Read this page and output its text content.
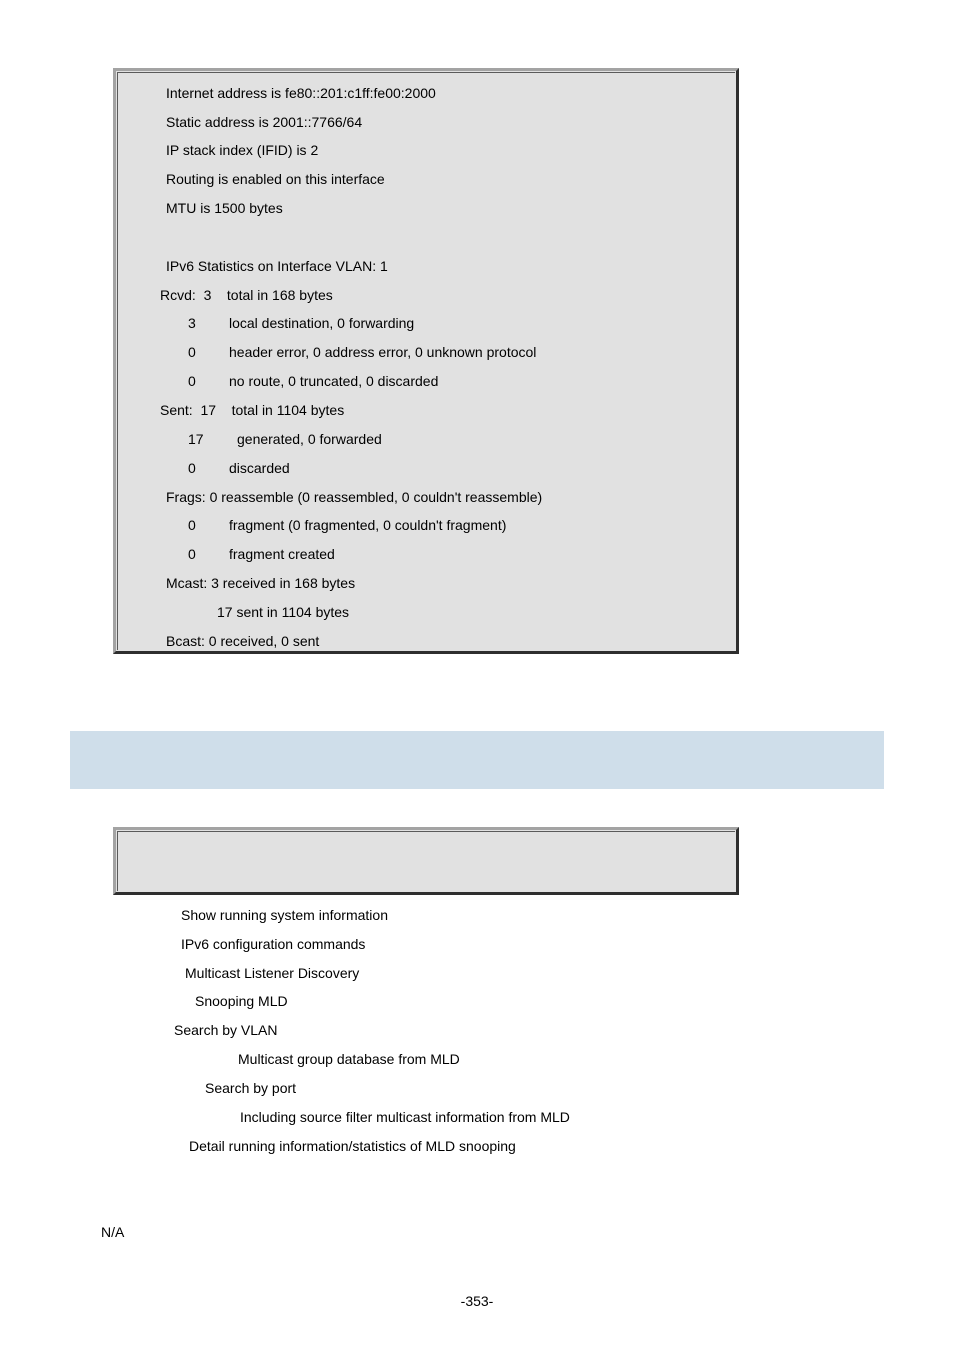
Internet address is fe80::201:c1ff:fe00:2000
Static address is 2001::7766/64
IP stack index (IFID) is 2
Routing is enabled on this interface
MTU is 1500 bytes
IPv6 Statistics on Interface VLAN: 1
Rcvd:  3    total in 168 bytes
3 local destination, 0 forwarding
0 header error, 0 address error, 0 unknown protocol
0 no route, 0 truncated, 0 discarded
Sent:  17    total in 1104 bytes
17 generated, 0 forwarded
0 discarded
Frags: 0 reassemble (0 reassembled, 0 couldn't reassemble)
0 fragment (0 fragmented, 0 couldn't fragment)
0 fragment created
Mcast: 3 received in 168 bytes
17 sent in 1104 bytes
Bcast: 0 received, 0 sent
Show running system information
IPv6 configuration commands
Multicast Listener Discovery
Snooping MLD
Search by VLAN
Multicast group database from MLD
Search by port
Including source filter multicast information from MLD
Detail running information/statistics of MLD snooping
N/A
-353-
